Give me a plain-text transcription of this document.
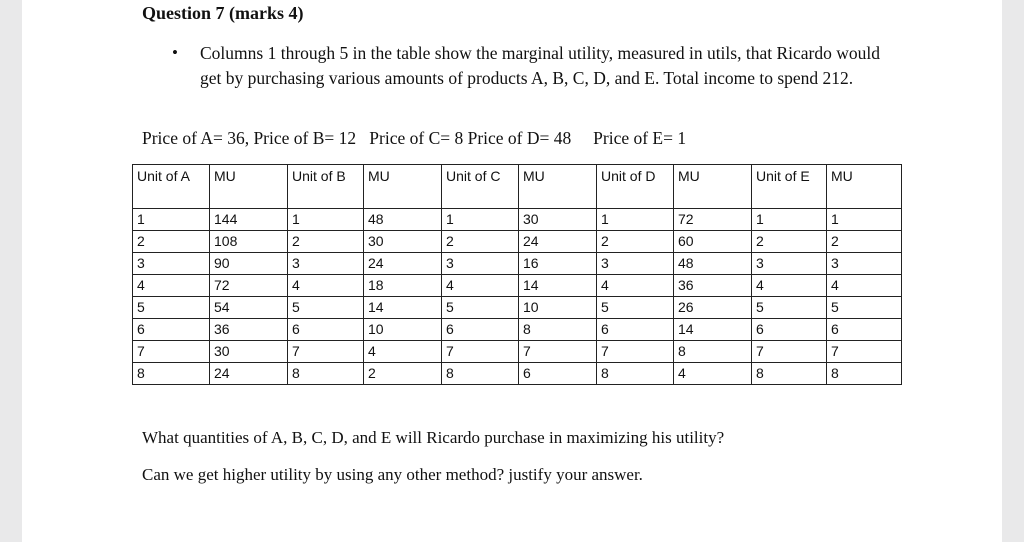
Question 7 (marks 4)
• Columns 1 through 5 in the table show the marginal utility, measured in utils, that Ricardo would get by purchasing various amounts of products A, B, C, D, and E. Total income to spend 212.
Price of A= 36, Price of B= 12   Price of C= 8 Price of D= 48     Price of E= 1
Unit of A	MU	Unit of B	MU	Unit of C	MU	Unit of D	MU	Unit of E	MU
1	144	1	48	1	30	1	72	1	1
2	108	2	30	2	24	2	60	2	2
3	90	3	24	3	16	3	48	3	3
4	72	4	18	4	14	4	36	4	4
5	54	5	14	5	10	5	26	5	5
6	36	6	10	6	8	6	14	6	6
7	30	7	4	7	7	7	8	7	7
8	24	8	2	8	6	8	4	8	8
What quantities of A, B, C, D, and E will Ricardo purchase in maximizing his utility?
Can we get higher utility by using any other method? justify your answer.
